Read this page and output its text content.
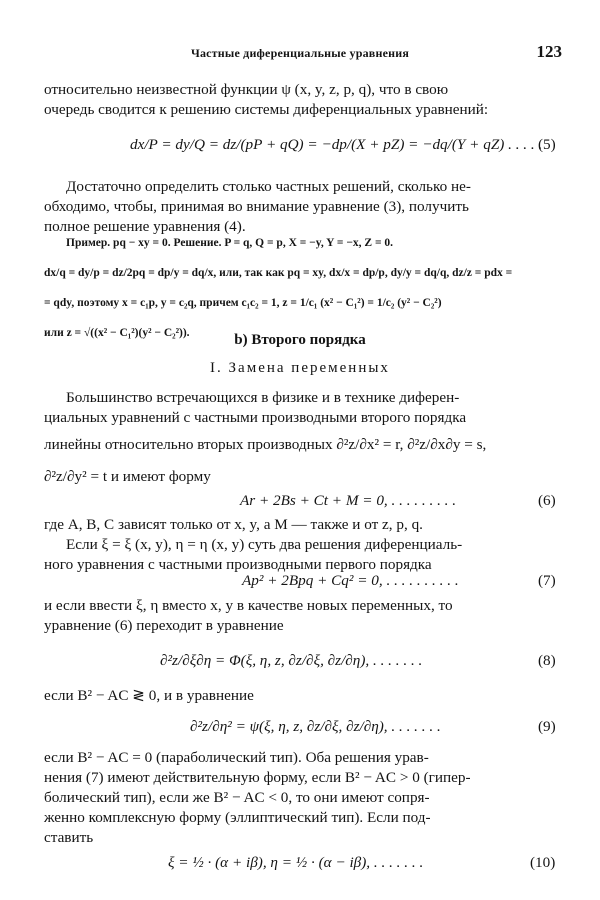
Частные диференциальные уравнения	123
относительно неизвестной функции ψ (x, y, z, p, q), что в свою
очередь сводится к решению системы диференциальных уравнений:
dx/P = dy/Q = dz/(pP + qQ) = −dp/(X + pZ) = −dq/(Y + qZ) . . . . .
(5)
Достаточно определить столько частных решений, сколько не-
обходимо, чтобы, принимая во внимание уравнение (3), получить
полное решение уравнения (4).
Пример. pq − xy = 0. Решение. P = q, Q = p, X = −y, Y = −x, Z = 0.
dx/q = dy/p = dz/2pq = dp/y = dq/x, или, так как pq = xy, dx/x = dp/p, dy/y = dq/q, dz/z = pdx =
= qdy, поэтому x = c₁p, y = c₂q, причем c₁c₂ = 1, z = 1/c₁ (x² − C₁²) = 1/c₂ (y² − C₂²)
или z = √((x² − C₁²)(y² − C₂²)).	b) Второго порядка
I. Замена переменных
Большинство встречающихся в физике и в технике диферен-
циальных уравнений с частными производными второго порядка
линейны относительно вторых производных ∂²z/∂x² = r, ∂²z/∂x∂y = s,
∂²z/∂y² = t и имеют форму
Ar + 2Bs + Ct + M = 0, . . . . . . . . .	(6)
где A, B, C зависят только от x, y, а M — также и от z, p, q.
Если ξ = ξ (x, y), η = η (x, y) суть два решения диференциаль-
ного уравнения с частными производными первого порядка
Ap² + 2Bpq + Cq² = 0, . . . . . . . . . .	(7)
и если ввести ξ, η вместо x, y в качестве новых переменных, то
уравнение (6) переходит в уравнение
∂²z/∂ξ∂η = Φ(ξ, η, z, ∂z/∂ξ, ∂z/∂η), . . . . . . .	(8)
если B² − AC ≷ 0, и в уравнение
∂²z/∂η² = ψ(ξ, η, z, ∂z/∂ξ, ∂z/∂η), . . . . . . .	(9)
если B² − AC = 0 (параболический тип). Оба решения урав-
нения (7) имеют действительную форму, если B² − AC > 0 (гипер-
болический тип), если же B² − AC < 0, то они имеют сопря-
женно комплексную форму (эллиптический тип). Если под-
ставить
ξ = ½ · (α + iβ), η = ½ · (α − iβ), . . . . . . .	(10)
